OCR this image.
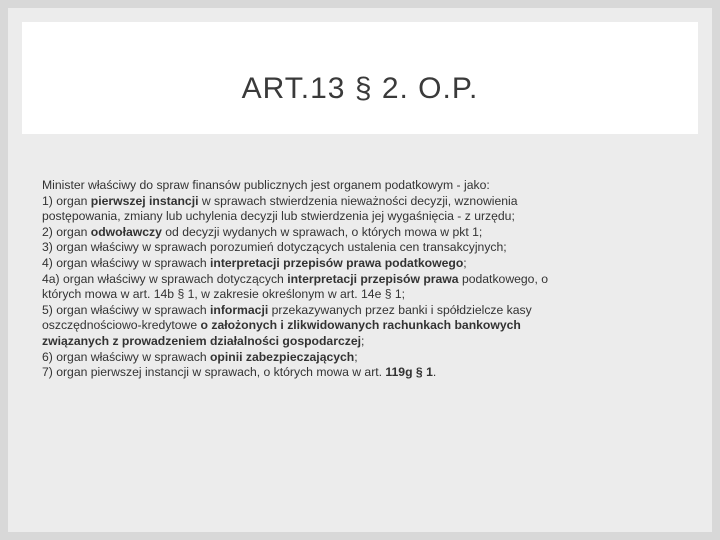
ART.13 § 2. O.P.
Minister właściwy do spraw finansów publicznych jest organem podatkowym - jako:
1) organ pierwszej instancji w sprawach stwierdzenia nieważności decyzji, wznowienia
postępowania, zmiany lub uchylenia decyzji lub stwierdzenia jej wygaśnięcia - z urzędu;
2) organ odwoławczy od decyzji wydanych w sprawach, o których mowa w pkt 1;
3) organ właściwy w sprawach porozumień dotyczących ustalenia cen transakcyjnych;
4) organ właściwy w sprawach interpretacji przepisów prawa podatkowego;
4a) organ właściwy w sprawach dotyczących interpretacji przepisów prawa podatkowego, o
których mowa w art. 14b § 1, w zakresie określonym w art. 14e § 1;
5) organ właściwy w sprawach informacji przekazywanych przez banki i spółdzielcze kasy
oszczędnościowo-kredytowe o założonych i zlikwidowanych rachunkach bankowych
związanych z prowadzeniem działalności gospodarczej;
6) organ właściwy w sprawach opinii zabezpieczających;
7) organ pierwszej instancji w sprawach, o których mowa w art. 119g § 1.
